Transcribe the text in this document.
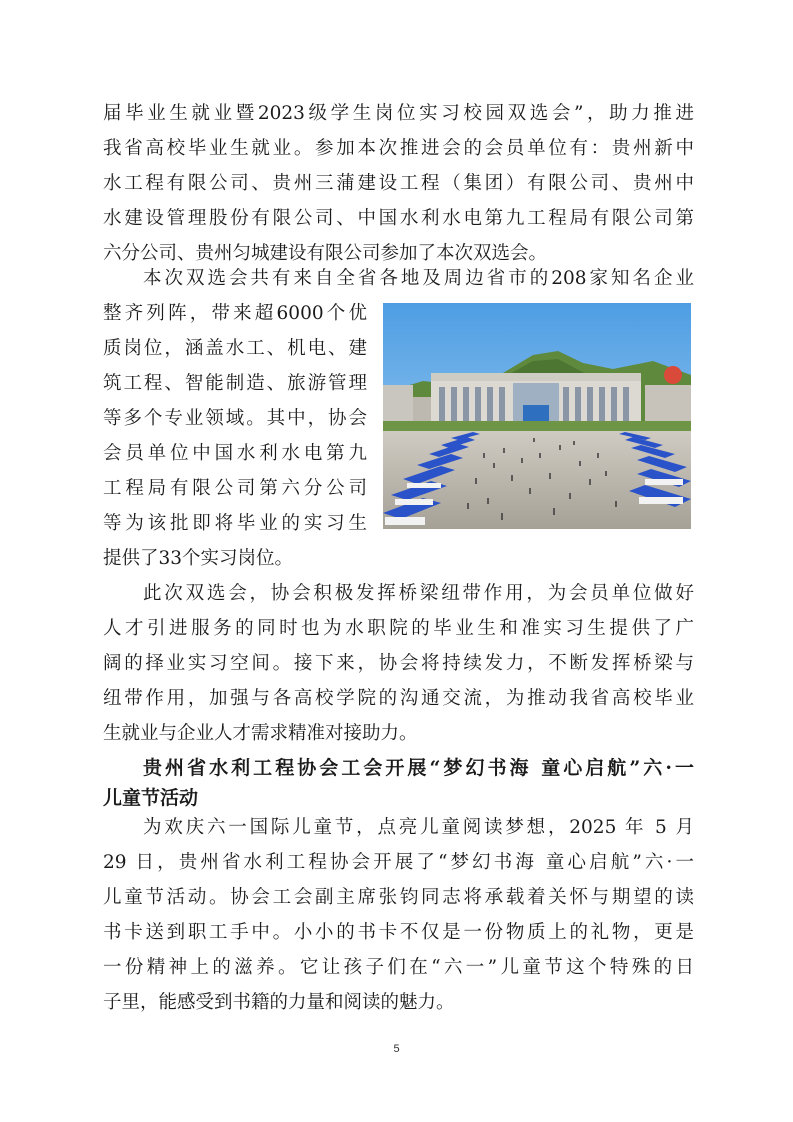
届毕业生就业暨2023级学生岗位实习校园双选会”，助力推进
我省高校毕业生就业。参加本次推进会的会员单位有：贵州新中
水工程有限公司、贵州三蒲建设工程（集团）有限公司、贵州中
水建设管理股份有限公司、中国水利水电第九工程局有限公司第
六分公司、贵州匀城建设有限公司参加了本次双选会。
本次双选会共有来自全省各地及周边省市的208家知名企业
整齐列阵，带来超6000个优
质岗位，涵盖水工、机电、建
筑工程、智能制造、旅游管理
等多个专业领域。其中，协会
会员单位中国水利水电第九
工程局有限公司第六分公司
等为该批即将毕业的实习生
提供了33个实习岗位。
此次双选会，协会积极发挥桥梁纽带作用，为会员单位做好
人才引进服务的同时也为水职院的毕业生和准实习生提供了广
阔的择业实习空间。接下来，协会将持续发力，不断发挥桥梁与
纽带作用，加强与各高校学院的沟通交流，为推动我省高校毕业
生就业与企业人才需求精准对接助力。
贵州省水利工程协会工会开展“梦幻书海 童心启航”六·一
儿童节活动
为欢庆六一国际儿童节，点亮儿童阅读梦想，2025 年 5 月
29 日，贵州省水利工程协会开展了“梦幻书海 童心启航”六·一
儿童节活动。协会工会副主席张钧同志将承载着关怀与期望的读
书卡送到职工手中。小小的书卡不仅是一份物质上的礼物，更是
一份精神上的滋养。它让孩子们在“六一”儿童节这个特殊的日
子里，能感受到书籍的力量和阅读的魅力。
5
